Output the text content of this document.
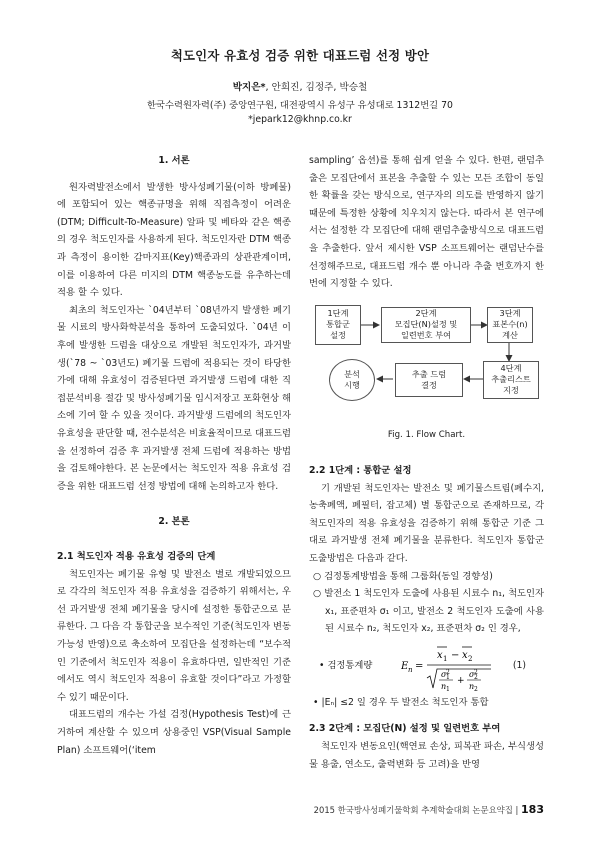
척도인자 유효성 검증 위한 대표드럼 선정 방안
박지은*, 안희진, 김정주, 박승철
한국수력원자력(주) 중앙연구원, 대전광역시 유성구 유성대로 1312번길 70
*jepark12@khnp.co.kr
1. 서론

원자력발전소에서 발생한 방사성폐기물(이하 방폐물)에 포함되어 있는 핵종규명을 위해 직접측정이 어려운(DTM; Difficult-To-Measure) 알파 및 베타와 같은 핵종의 경우 척도인자를 사용하게 된다. 척도인자란 DTM 핵종과 측정이 용이한 감마지표(Key)핵종과의 상관관계이며, 이를 이용하여 다른 미지의 DTM 핵종농도를 유추하는데 적용 할 수 있다.

최초의 척도인자는 `04년부터 `08년까지 발생한 폐기물 시료의 방사화학분석을 통하여 도출되었다. `04년 이후에 발생한 드럼을 대상으로 개발된 척도인자가, 과거발생(`78 ~ `03년도) 폐기물 드럼에 적용되는 것이 타당한가에 대해 유효성이 검증된다면 과거발생 드럼에 대한 직접분석비용 절감 및 방사성폐기물 임시저장고 포화현상 해소에 기여 할 수 있을 것이다. 과거발생 드럼에의 척도인자 유효성을 판단할 때, 전수분석은 비효율적이므로 대표드럼을 선정하여 검증 후 과거발생 전체 드럼에 적용하는 방법을 검토해야한다. 본 논문에서는 척도인자 적용 유효성 검증을 위한 대표드럼 선정 방법에 대해 논의하고자 한다.

2. 본론
2.1 척도인자 적용 유효성 검증의 단계

척도인자는 폐기물 유형 및 발전소 별로 개발되었으므로 각각의 척도인자 적용 유효성을 검증하기 위해서는, 우선 과거발생 전체 폐기물을 당시에 설정한 통합군으로 분류한다. 그 다음 각 통합군을 보수적인 기준(척도인자 변동가능성 반영)으로 축소하여 모집단을 설정하는데 “보수적인 기준에서 척도인자 적용이 유효하다면, 일반적인 기준에서도 역시 척도인자 적용이 유효할 것이다”라고 가정할 수 있기 때문이다.

대표드럼의 개수는 가설 검정(Hypothesis Test)에 근거하여 계산할 수 있으며 상용중인 VSP(Visual Sample Plan) 소프트웨어(‘item

sampling’ 옵션)를 통해 쉽게 얻을 수 있다. 한편, 랜덤추출은 모집단에서 표본을 추출할 수 있는 모든 조합이 동일한 확률을 갖는 방식으로, 연구자의 의도를 반영하지 않기 때문에 특정한 상황에 치우치지 않는다. 따라서 본 연구에서는 설정한 각 모집단에 대해 랜덤추출방식으로 대표드럼을 추출한다. 앞서 제시한 VSP 소프트웨어는 랜덤난수를 선정해주므로, 대표드럼 개수 뿐 아니라 추출 번호까지 한 번에 지정할 수 있다.

1단계
통합군
설정
2단계
모집단(N)설정 및
일련번호 부여
3단계
표본수(n)
계산
4단계
추출리스트
지정
추출 드럼
결정
분석
시행
Fig. 1. Flow Chart.
2.2 1단계 : 통합군 설정

기 개발된 척도인자는 발전소 및 폐기물스트림(폐수지, 농축폐액, 폐필터, 잡고체) 별 통합군으로 존재하므로, 각 척도인자의 적용 유효성을 검증하기 위해 통합군 기준 그대로 과거발생 전체 폐기물을 분류한다. 척도인자 통합군 도출방법은 다음과 같다.

○ 검정통계방법을 통해 그룹화(동일 경향성)
○ 발전소 1 척도인자 도출에 사용된 시료수 n₁, 척도인자 x₁, 표준편차 σ₁ 이고, 발전소 2 척도인자 도출에 사용된 시료수 n₂, 척도인자 x₂, 표준편차 σ₂ 인 경우,
• 검정통계량	E n =
x 1 − x 2
σ 2
1
n 1
+
σ 2
2
n 2
(1)
• |Eₙ| ≤2 일 경우 두 발전소 척도인자 통합
2.3 2단계 : 모집단(N) 설정 및 일련번호 부여

척도인자 변동요인(핵연료 손상, 피복관 파손, 부식생성물 용출, 연소도, 출력변화 등 고려)을 반영

2015 한국방사성폐기물학회 추계학술대회 논문요약집 | 183
